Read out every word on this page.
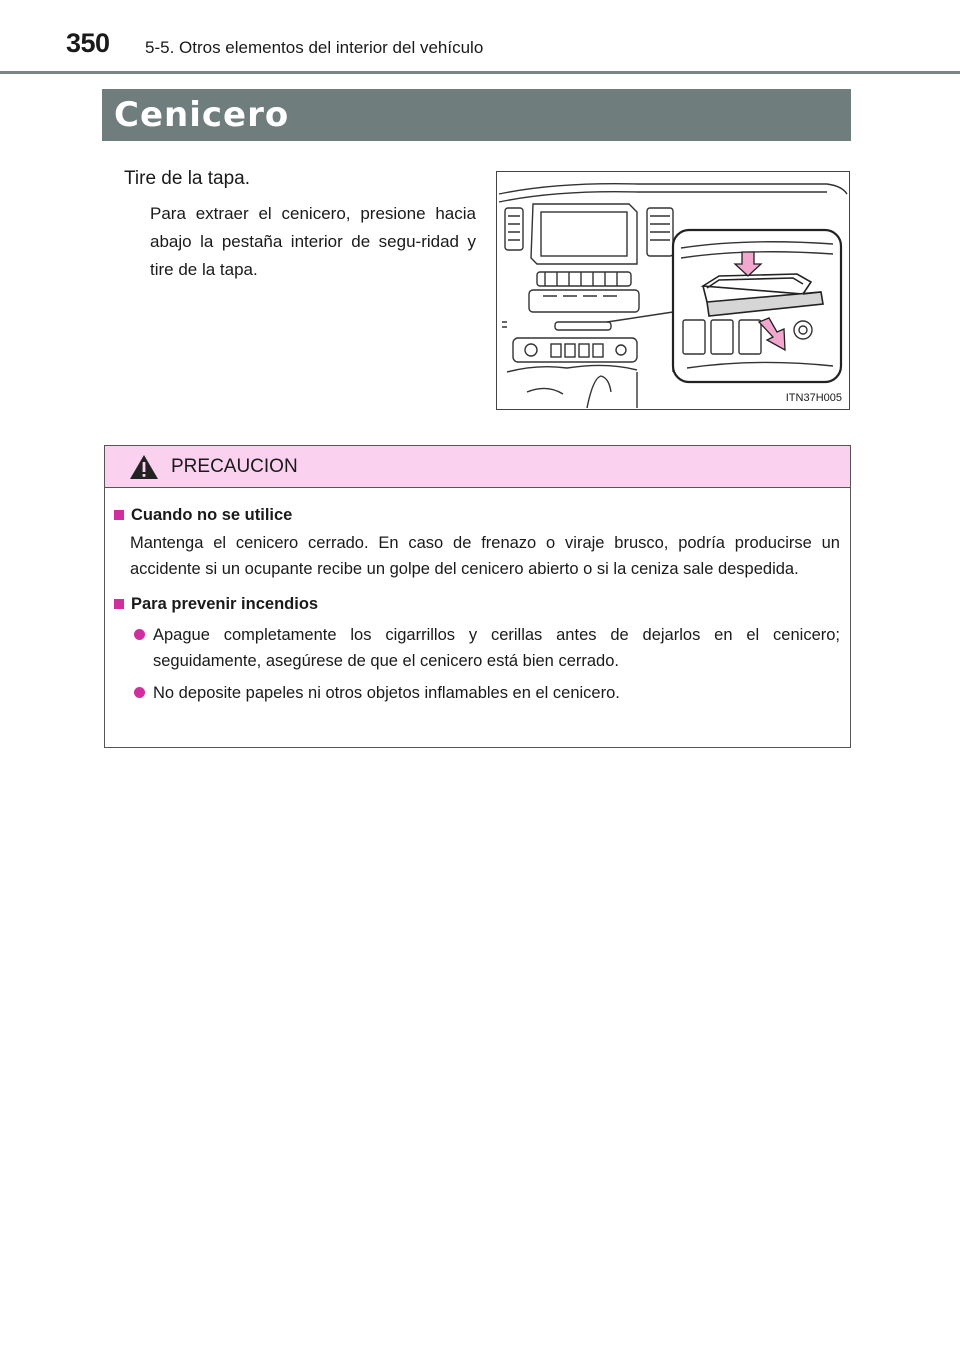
350 5-5. Otros elementos del interior del vehículo
Cenicero
Tire de la tapa.
Para extraer el cenicero, presione hacia abajo la pestaña interior de segu-ridad y tire de la tapa.
ITN37H005
PRECAUCION
Cuando no se utilice
Mantenga el cenicero cerrado. En caso de frenazo o viraje brusco, podría producirse un accidente si un ocupante recibe un golpe del cenicero abierto o si la ceniza sale despedida.
Para prevenir incendios
Apague completamente los cigarrillos y cerillas antes de dejarlos en el cenicero; seguidamente, asegúrese de que el cenicero está bien cerrado.
No deposite papeles ni otros objetos inflamables en el cenicero.
